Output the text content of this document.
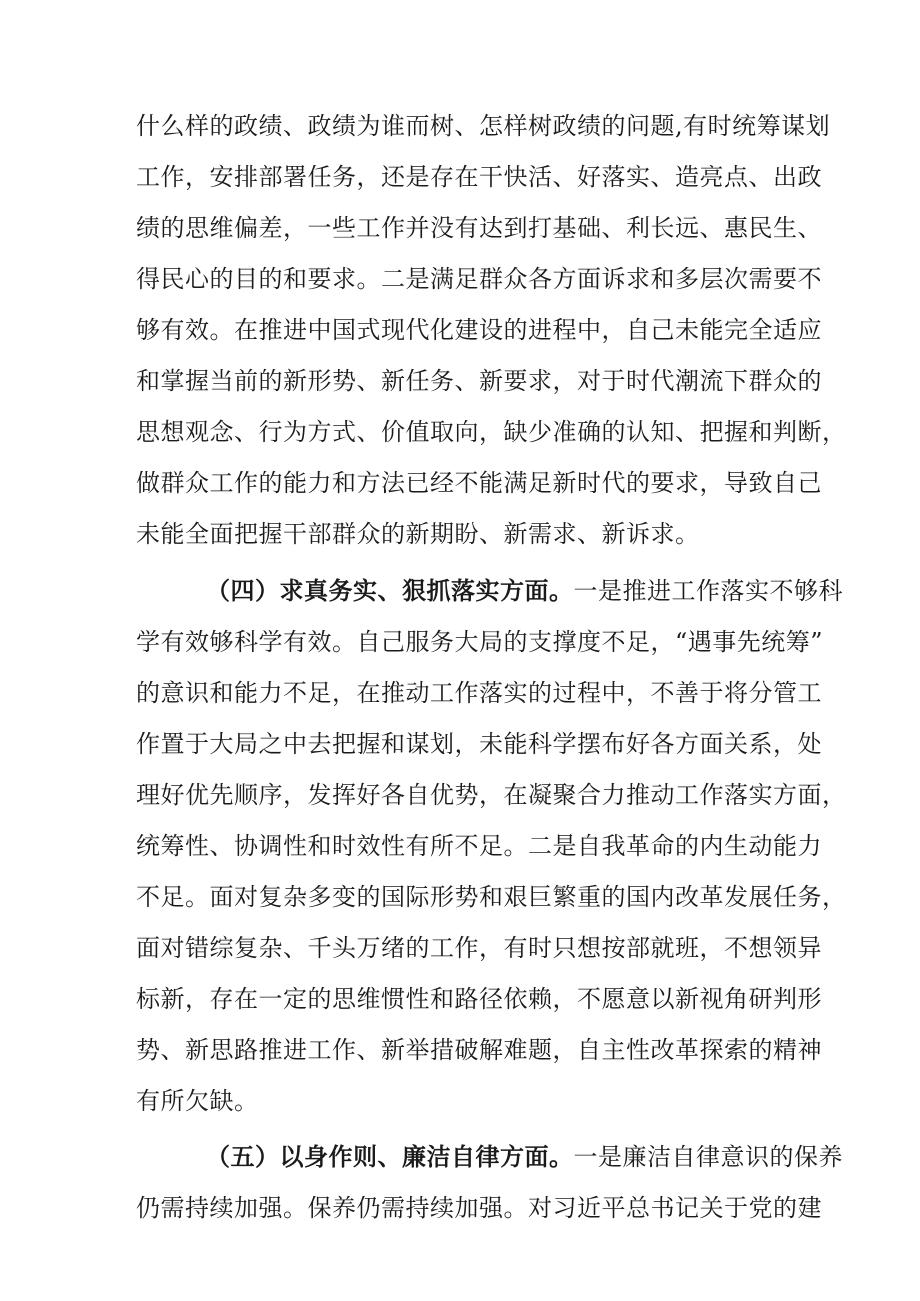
什么样的政绩、政绩为谁而树、怎样树政绩的问题,有时统筹谋划
工作，安排部署任务，还是存在干快活、好落实、造亮点、出政
绩的思维偏差，一些工作并没有达到打基础、利长远、惠民生、
得民心的目的和要求。二是满足群众各方面诉求和多层次需要不
够有效。在推进中国式现代化建设的进程中，自己未能完全适应
和掌握当前的新形势、新任务、新要求，对于时代潮流下群众的
思想观念、行为方式、价值取向，缺少准确的认知、把握和判断，
做群众工作的能力和方法已经不能满足新时代的要求，导致自己
未能全面把握干部群众的新期盼、新需求、新诉求。
（四）求真务实、狠抓落实方面。一是推进工作落实不够科
学有效够科学有效。自己服务大局的支撑度不足，“遇事先统筹”
的意识和能力不足，在推动工作落实的过程中，不善于将分管工
作置于大局之中去把握和谋划，未能科学摆布好各方面关系，处
理好优先顺序，发挥好各自优势，在凝聚合力推动工作落实方面，
统筹性、协调性和时效性有所不足。二是自我革命的内生动能力
不足。面对复杂多变的国际形势和艰巨繁重的国内改革发展任务，
面对错综复杂、千头万绪的工作，有时只想按部就班，不想领异
标新，存在一定的思维惯性和路径依赖，不愿意以新视角研判形
势、新思路推进工作、新举措破解难题，自主性改革探索的精神
有所欠缺。
（五）以身作则、廉洁自律方面。一是廉洁自律意识的保养
仍需持续加强。保养仍需持续加强。对习近平总书记关于党的建
